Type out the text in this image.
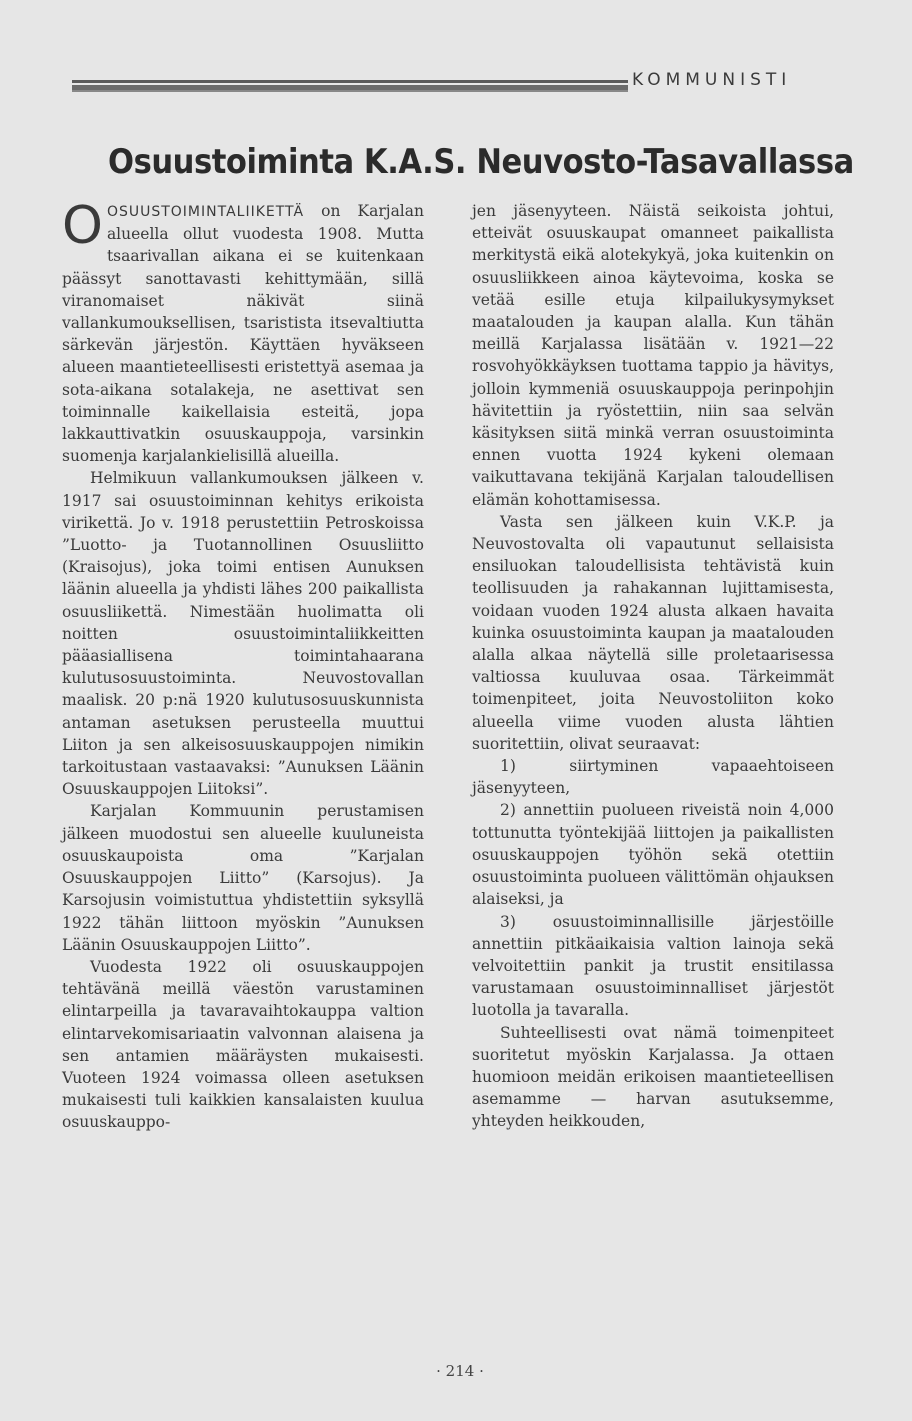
KOMMUNISTI
Osuustoiminta K.A.S. Neuvosto-Tasavallassa

OOSUUSTOIMINTALIIKETTÄ on Karjalan alueella ollut vuodesta 1908. Mutta tsaarivallan aikana ei se kuitenkaan päässyt sanottavasti kehittymään, sillä viranomaiset näkivät siinä vallankumouksellisen, tsaristista itsevaltiutta särkevän järjestön. Käyttäen hyväkseen alueen maantieteellisesti eristettyä asemaa ja sota-aikana sotalakeja, ne asettivat sen toiminnalle kaikellaisia esteitä, jopa lakkauttivatkin osuuskauppoja, varsinkin suomenja karjalankielisillä alueilla.

Helmikuun vallankumouksen jälkeen v. 1917 sai osuustoiminnan kehitys erikoista virikettä. Jo v. 1918 perustettiin Petroskoissa ”Luotto- ja Tuotannollinen Osuusliitto (Kraisojus), joka toimi entisen Aunuksen läänin alueella ja yhdisti lähes 200 paikallista osuusliikettä. Nimestään huolimatta oli noitten osuustoimintaliikkeitten pääasiallisena toimintahaarana kulutusosuustoiminta. Neuvostovallan maalisk. 20 p:nä 1920 kulutusosuuskunnista antaman asetuksen perusteella muuttui Liiton ja sen alkeisosuuskauppojen nimikin tarkoitustaan vastaavaksi: ”Aunuksen Läänin Osuuskauppojen Liitoksi”.

Karjalan Kommuunin perustamisen jälkeen muodostui sen alueelle kuuluneista osuuskaupoista oma ”Karjalan Osuuskauppojen Liitto” (Karsojus). Ja Karsojusin voimistuttua yhdistettiin syksyllä 1922 tähän liittoon myöskin ”Aunuksen Läänin Osuuskauppojen Liitto”.

Vuodesta 1922 oli osuuskauppojen tehtävänä meillä väestön varustaminen elintarpeilla ja tavaravaihtokauppa valtion elintarvekomisariaatin valvonnan alaisena ja sen antamien määräysten mukaisesti. Vuoteen 1924 voimassa olleen asetuksen mukaisesti tuli kaikkien kansalaisten kuulua osuuskauppo-

jen jäsenyyteen. Näistä seikoista johtui, etteivät osuuskaupat omanneet paikallista merkitystä eikä alotekykyä, joka kuitenkin on osuusliikkeen ainoa käytevoima, koska se vetää esille etuja kilpailukysymykset maatalouden ja kaupan alalla. Kun tähän meillä Karjalassa lisätään v. 1921—22 rosvohyökkäyksen tuottama tappio ja hävitys, jolloin kymmeniä osuuskauppoja perinpohjin hävitettiin ja ryöstettiin, niin saa selvän käsityksen siitä minkä verran osuustoiminta ennen vuotta 1924 kykeni olemaan vaikuttavana tekijänä Karjalan taloudellisen elämän kohottamisessa.

Vasta sen jälkeen kuin V.K.P. ja Neuvostovalta oli vapautunut sellaisista ensiluokan taloudellisista tehtävistä kuin teollisuuden ja rahakannan lujittamisesta, voidaan vuoden 1924 alusta alkaen havaita kuinka osuustoiminta kaupan ja maatalouden alalla alkaa näytellä sille proletaarisessa valtiossa kuuluvaa osaa. Tärkeimmät toimenpiteet, joita Neuvostoliiton koko alueella viime vuoden alusta lähtien suoritettiin, olivat seuraavat:

1) siirtyminen vapaaehtoiseen jäsenyyteen,

2) annettiin puolueen riveistä noin 4,000 tottunutta työntekijää liittojen ja paikallisten osuuskauppojen työhön sekä otettiin osuustoiminta puolueen välittömän ohjauksen alaiseksi, ja

3) osuustoiminnallisille järjestöille annettiin pitkäaikaisia valtion lainoja sekä velvoitettiin pankit ja trustit ensitilassa varustamaan osuustoiminnalliset järjestöt luotolla ja tavaralla.

Suhteellisesti ovat nämä toimenpiteet suoritetut myöskin Karjalassa. Ja ottaen huomioon meidän erikoisen maantieteellisen asemamme — harvan asutuksemme, yhteyden heikkouden,

· 214 ·
